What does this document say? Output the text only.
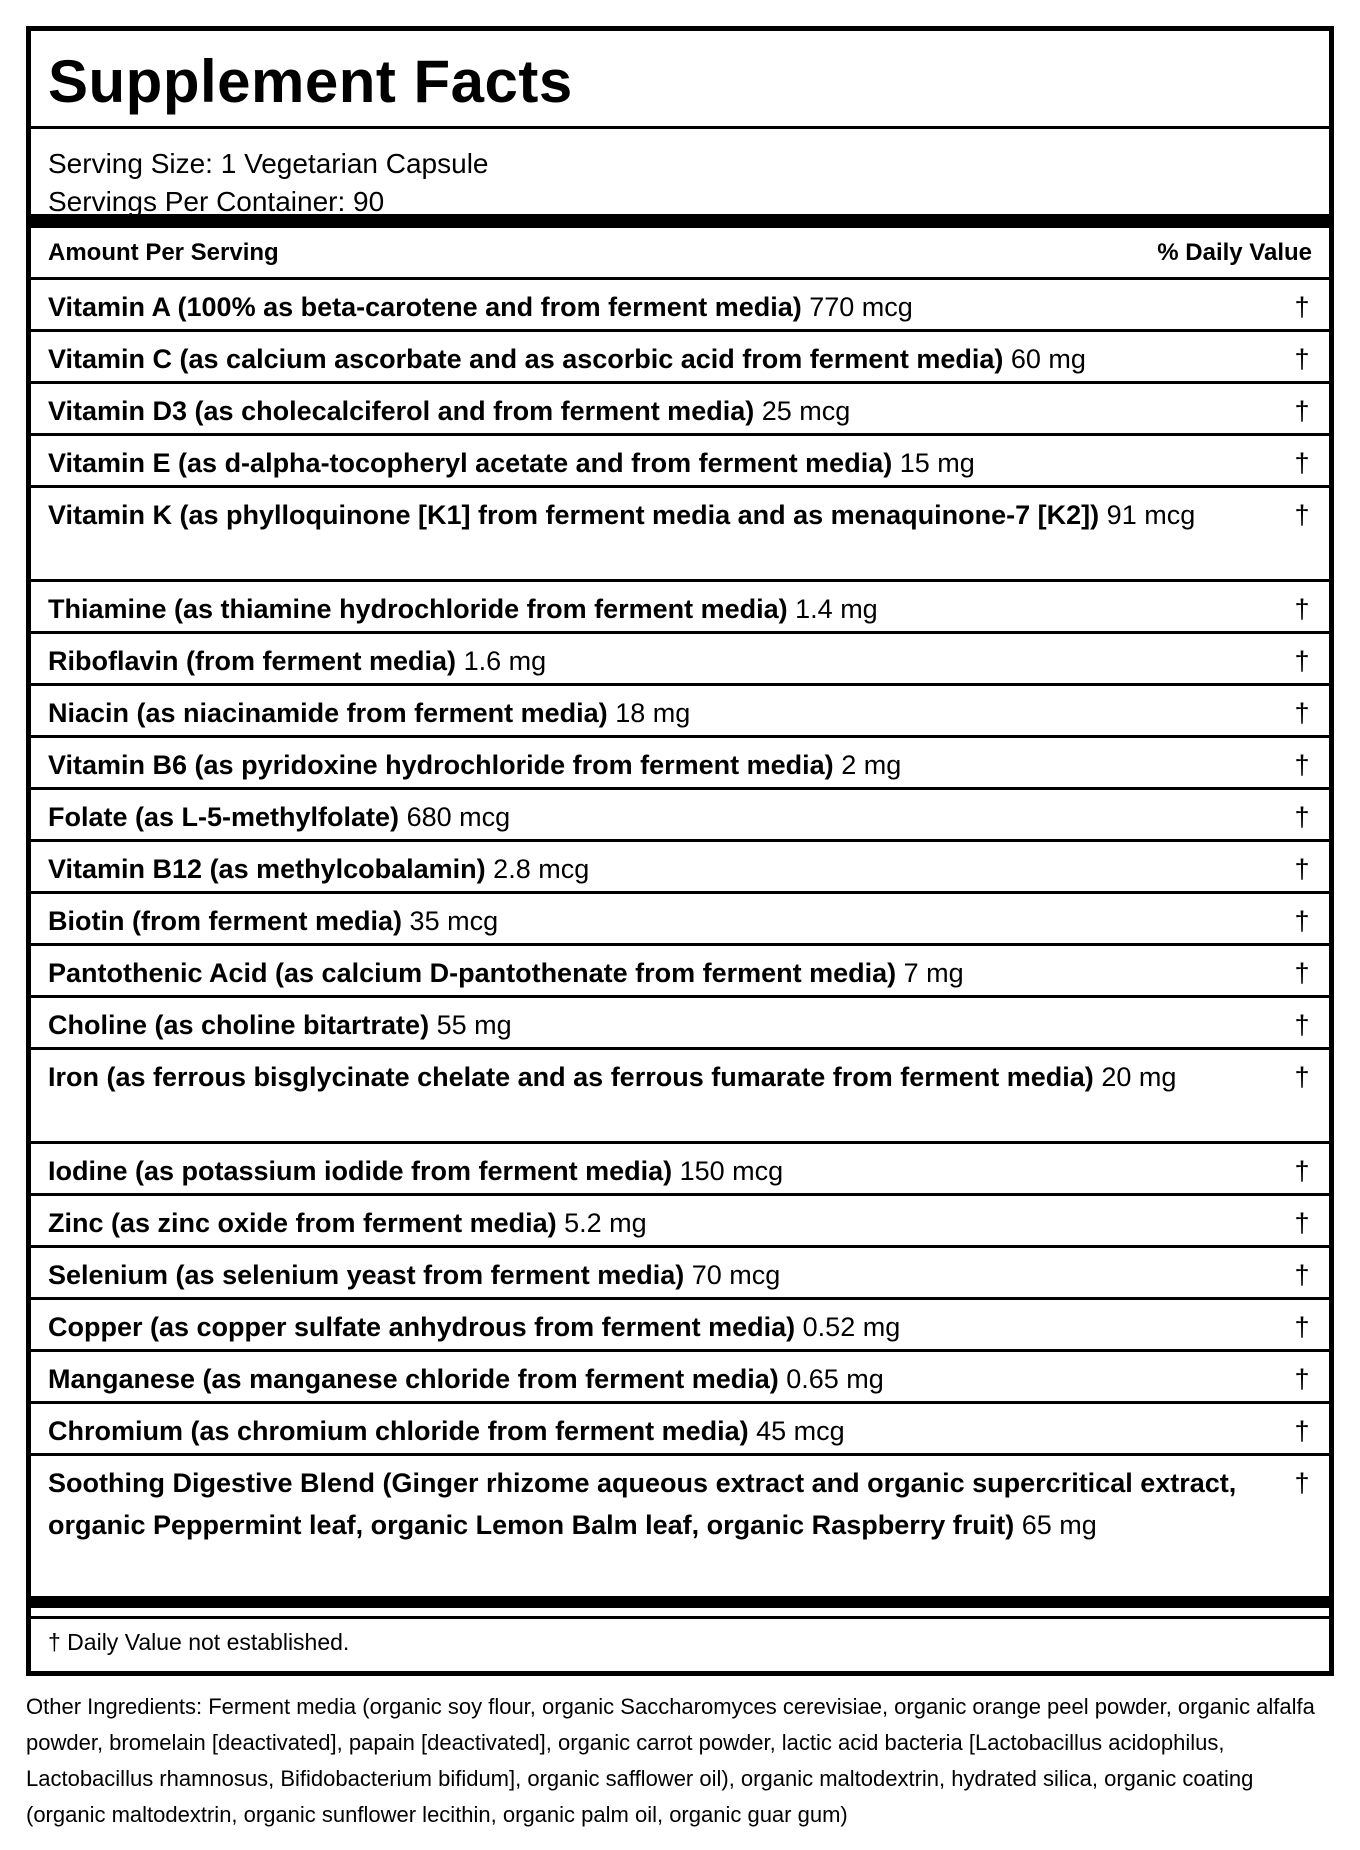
Supplement Facts
Serving Size: 1 Vegetarian Capsule
Servings Per Container: 90
Amount Per Serving	% Daily Value
Vitamin A (100% as beta-carotene and from ferment media) 770 mcg	†
Vitamin C (as calcium ascorbate and as ascorbic acid from ferment media) 60 mg	†
Vitamin D3 (as cholecalciferol and from ferment media) 25 mcg	†
Vitamin E (as d-alpha-tocopheryl acetate and from ferment media) 15 mg	†
Vitamin K (as phylloquinone [K1] from ferment media and as menaquinone-7 [K2]) 91 mcg	†
Thiamine (as thiamine hydrochloride from ferment media) 1.4 mg	†
Riboflavin (from ferment media) 1.6 mg	†
Niacin (as niacinamide from ferment media) 18 mg	†
Vitamin B6 (as pyridoxine hydrochloride from ferment media) 2 mg	†
Folate (as L-5-methylfolate) 680 mcg	†
Vitamin B12 (as methylcobalamin) 2.8 mcg	†
Biotin (from ferment media) 35 mcg	†
Pantothenic Acid (as calcium D-pantothenate from ferment media) 7 mg	†
Choline (as choline bitartrate) 55 mg	†
Iron (as ferrous bisglycinate chelate and as ferrous fumarate from ferment media) 20 mg	†
Iodine (as potassium iodide from ferment media) 150 mcg	†
Zinc (as zinc oxide from ferment media) 5.2 mg	†
Selenium (as selenium yeast from ferment media) 70 mcg	†
Copper (as copper sulfate anhydrous from ferment media) 0.52 mg	†
Manganese (as manganese chloride from ferment media) 0.65 mg	†
Chromium (as chromium chloride from ferment media) 45 mcg	†
Soothing Digestive Blend (Ginger rhizome aqueous extract and organic supercritical extract, organic Peppermint leaf, organic Lemon Balm leaf, organic Raspberry fruit) 65 mg
†
† Daily Value not established.
Other Ingredients: Ferment media (organic soy flour, organic Saccharomyces cerevisiae, organic orange peel powder, organic alfalfa powder, bromelain [deactivated], papain [deactivated], organic carrot powder, lactic acid bacteria [Lactobacillus acidophilus, Lactobacillus rhamnosus, Bifidobacterium bifidum], organic safflower oil), organic maltodextrin, hydrated silica, organic coating (organic maltodextrin, organic sunflower lecithin, organic palm oil, organic guar gum)
